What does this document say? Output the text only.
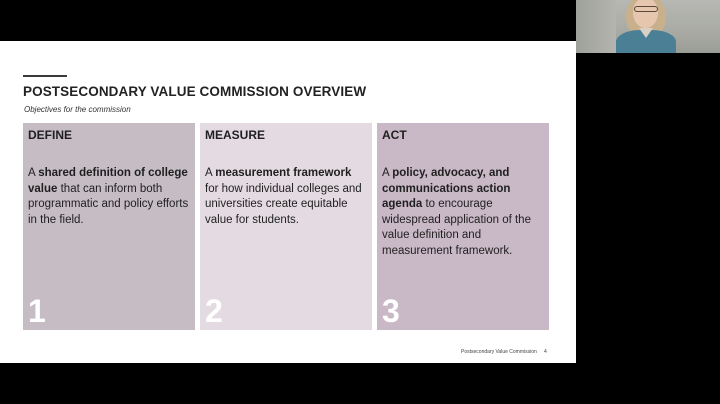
POSTSECONDARY VALUE COMMISSION OVERVIEW
Objectives for the commission
DEFINE
A shared definition of college value that can inform both programmatic and policy efforts in the field.
1
MEASURE
A measurement framework for how individual colleges and universities create equitable value for students.
2
ACT
A policy, advocacy, and communications action agenda to encourage widespread application of the value definition and measurement framework.
3
Postsecondary Value Commission 4
